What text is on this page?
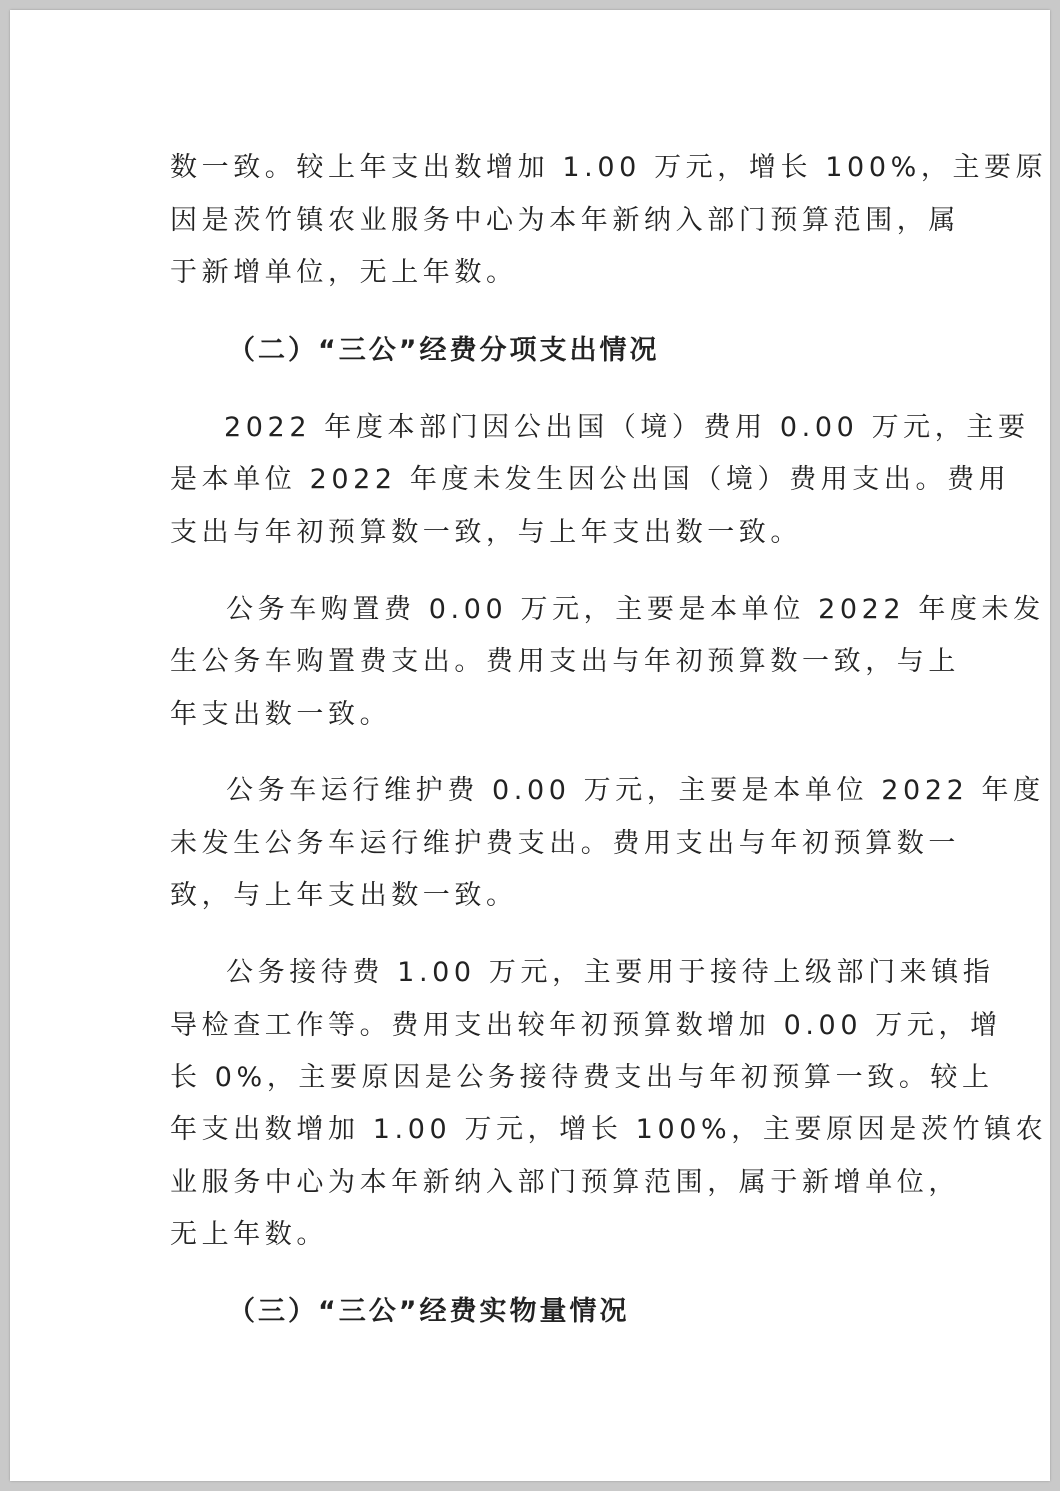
数一致。较上年支出数增加 1.00 万元，增长 100%，主要原
因是茨竹镇农业服务中心为本年新纳入部门预算范围，属
于新增单位，无上年数。
（二）“三公”经费分项支出情况
2022 年度本部门因公出国（境）费用 0.00 万元，主要
是本单位 2022 年度未发生因公出国（境）费用支出。费用
支出与年初预算数一致，与上年支出数一致。
公务车购置费 0.00 万元，主要是本单位 2022 年度未发
生公务车购置费支出。费用支出与年初预算数一致，与上
年支出数一致。
公务车运行维护费 0.00 万元，主要是本单位 2022 年度
未发生公务车运行维护费支出。费用支出与年初预算数一
致，与上年支出数一致。
公务接待费 1.00 万元，主要用于接待上级部门来镇指
导检查工作等。费用支出较年初预算数增加 0.00 万元，增
长 0%，主要原因是公务接待费支出与年初预算一致。较上
年支出数增加 1.00 万元，增长 100%，主要原因是茨竹镇农
业服务中心为本年新纳入部门预算范围，属于新增单位，
无上年数。
（三）“三公”经费实物量情况
